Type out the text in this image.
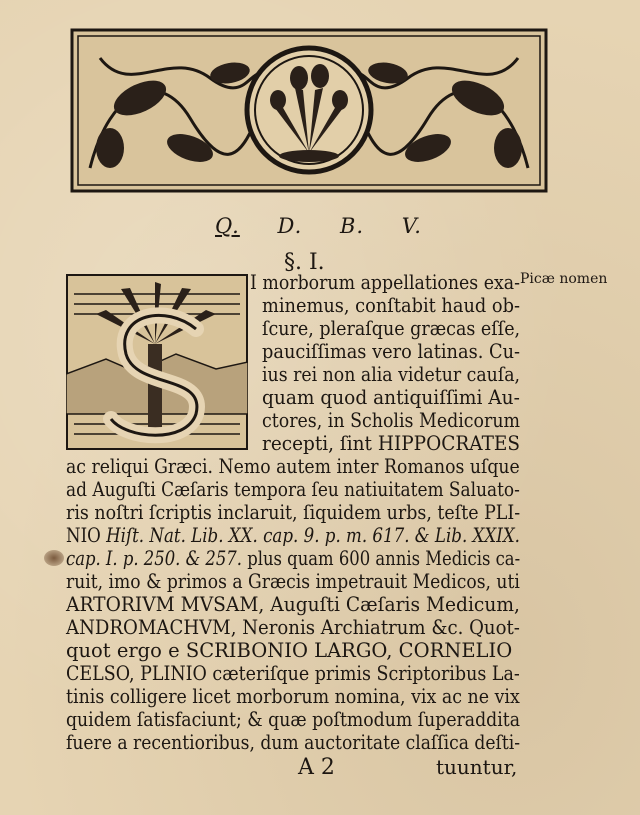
Q. D. B. V.
§. I.
Picæ nomen
I morborum appellationes exa-
minemus, conſtabit haud ob-
ſcure, pleraſque græcas eſſe,
pauciſſimas vero latinas. Cu-
ius rei non alia videtur cauſa,
quam quod antiquiſſimi Au-
ctores, in Scholis Medicorum
recepti, ſint HIPPOCRATES
ac reliqui Græci. Nemo autem inter Romanos uſque
ad Auguſti Cæſaris tempora ſeu natiuitatem Saluato-
ris noſtri ſcriptis inclaruit, ſiquidem urbs, teſte PLI-
NIO Hiſt. Nat. Lib. XX. cap. 9. p. m. 617. & Lib. XXIX.
cap. I. p. 250. & 257. plus quam 600 annis Medicis ca-
ruit, imo & primos a Græcis impetrauit Medicos, uti
ARTORIVM MVSAM, Auguſti Cæſaris Medicum,
ANDROMACHVM, Neronis Archiatrum &c. Quot-
quot ergo e SCRIBONIO LARGO, CORNELIO
CELSO, PLINIO cæteriſque primis Scriptoribus La-
tinis colligere licet morborum nomina, vix ac ne vix
quidem ſatisfaciunt; & quæ poſtmodum ſuperaddita
fuere a recentioribus, dum auctoritate claſſica deſti-
A 2	tuuntur,
